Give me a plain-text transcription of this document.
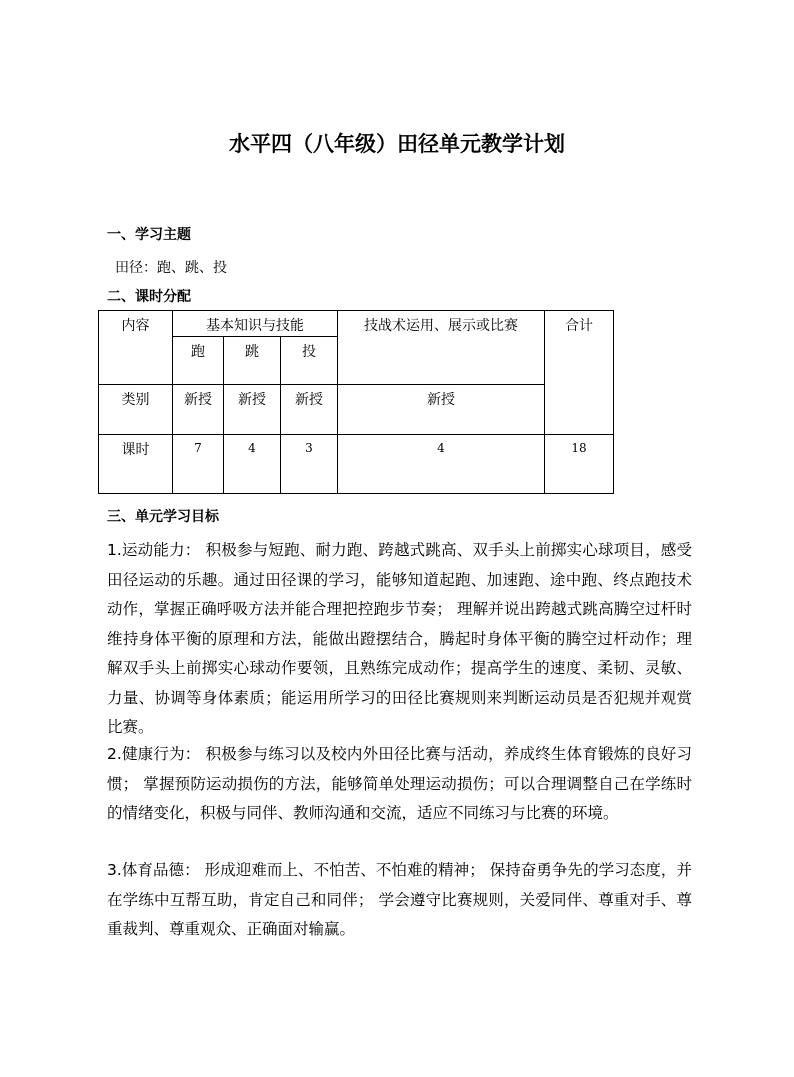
水平四（八年级）田径单元教学计划
一、学习主题
田径：跑、跳、投
二、课时分配
内容	基本知识与技能			技战术运用、展示或比赛	合计
	跑	跳	投		
类别	新授	新授	新授	新授	
课时	7	4	3	4	18
三、单元学习目标

1.运动能力： 积极参与短跑、耐力跑、跨越式跳高、双手头上前掷实心球项目，感受田径运动的乐趣。通过田径课的学习，能够知道起跑、加速跑、途中跑、终点跑技术动作，掌握正确呼吸方法并能合理把控跑步节奏； 理解并说出跨越式跳高腾空过杆时维持身体平衡的原理和方法，能做出蹬摆结合，腾起时身体平衡的腾空过杆动作；理解双手头上前掷实心球动作要领，且熟练完成动作；提高学生的速度、柔韧、灵敏、力量、协调等身体素质；能运用所学习的田径比赛规则来判断运动员是否犯规并观赏比赛。

2.健康行为： 积极参与练习以及校内外田径比赛与活动，养成终生体育锻炼的良好习惯； 掌握预防运动损伤的方法，能够简单处理运动损伤；可以合理调整自己在学练时的情绪变化，积极与同伴、教师沟通和交流，适应不同练习与比赛的环境。

3.体育品德： 形成迎难而上、不怕苦、不怕难的精神； 保持奋勇争先的学习态度，并在学练中互帮互助，肯定自己和同伴； 学会遵守比赛规则，关爱同伴、尊重对手、尊重裁判、尊重观众、正确面对输赢。
